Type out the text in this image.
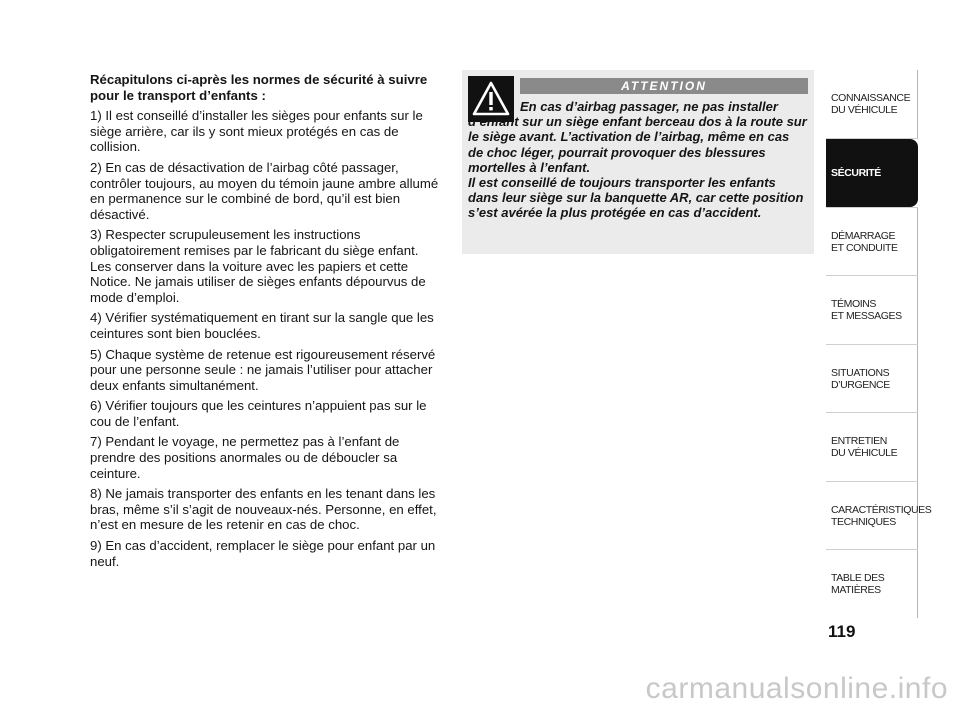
Récapitulons ci-après les normes de sécurité à suivre pour le transport d’enfants :

1) Il est conseillé d’installer les sièges pour enfants sur le siège arrière, car ils y sont mieux protégés en cas de collision.

2) En cas de désactivation de l’airbag côté passager, contrôler toujours, au moyen du témoin jaune ambre allumé en permanence sur le combiné de bord, qu’il est bien désactivé.

3) Respecter scrupuleusement les instructions obligatoirement remises par le fabricant du siège enfant. Les conserver dans la voiture avec les papiers et cette Notice. Ne jamais utiliser de sièges enfants dépourvus de mode d’emploi.

4) Vérifier systématiquement en tirant sur la sangle que les ceintures sont bien bouclées.

5) Chaque système de retenue est rigoureusement réservé pour une personne seule : ne jamais l’utiliser pour attacher deux enfants simultanément.

6) Vérifier toujours que les ceintures n’appuient pas sur le cou de l’enfant.

7) Pendant le voyage, ne permettez pas à l’enfant de prendre des positions anormales ou de déboucler sa ceinture.

8) Ne jamais transporter des enfants en les tenant dans les bras, même s’il s’agit de nouveaux-nés. Personne, en effet, n’est en mesure de les retenir en cas de choc.

9) En cas d’accident, remplacer le siège pour enfant par un neuf.

ATTENTION
En cas d’airbag passager, ne pas installer d’enfant sur un siège enfant berceau dos à la route sur le siège avant. L’activation de l’airbag, même en cas de choc léger, pourrait provoquer des blessures mortelles à l’enfant.
Il est conseillé de toujours transporter les enfants dans leur siège sur la banquette AR, car cette position s’est avérée la plus protégée en cas d’accident.
CONNAISSANCE
DU VÉHICULE
SÉCURITÉ
DÉMARRAGE
ET CONDUITE
TÉMOINS
ET MESSAGES
SITUATIONS
D’URGENCE
ENTRETIEN
DU VÉHICULE
CARACTÉRISTIQUES
TECHNIQUES
TABLE DES
MATIÈRES
119
carmanualsonline.info
